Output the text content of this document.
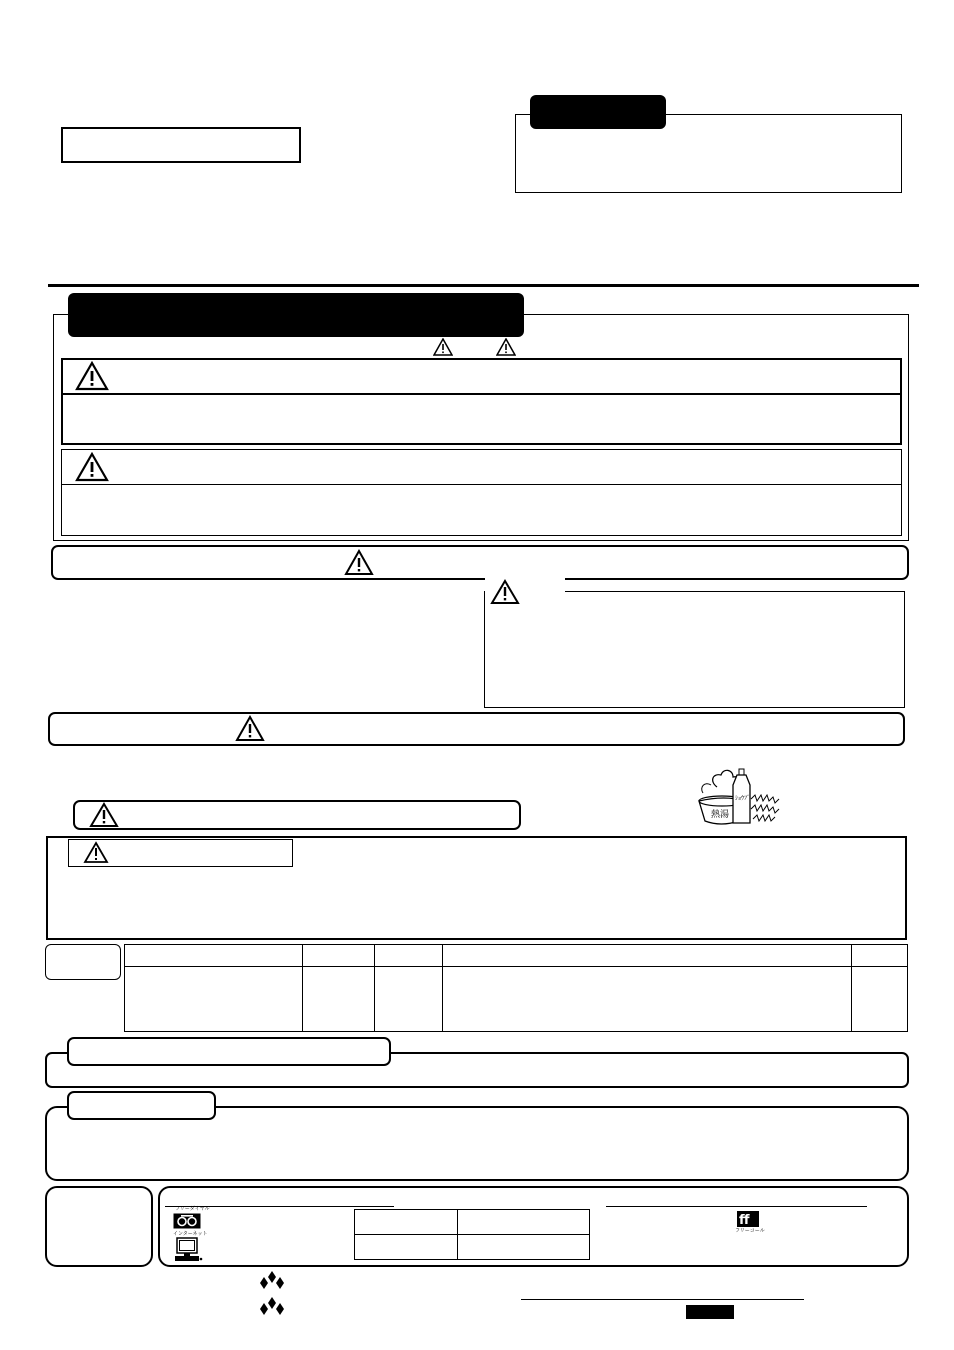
熱湯
ｼｮｳﾌﾞ

フリーダイヤル
インターネット

ff
フリーコール
